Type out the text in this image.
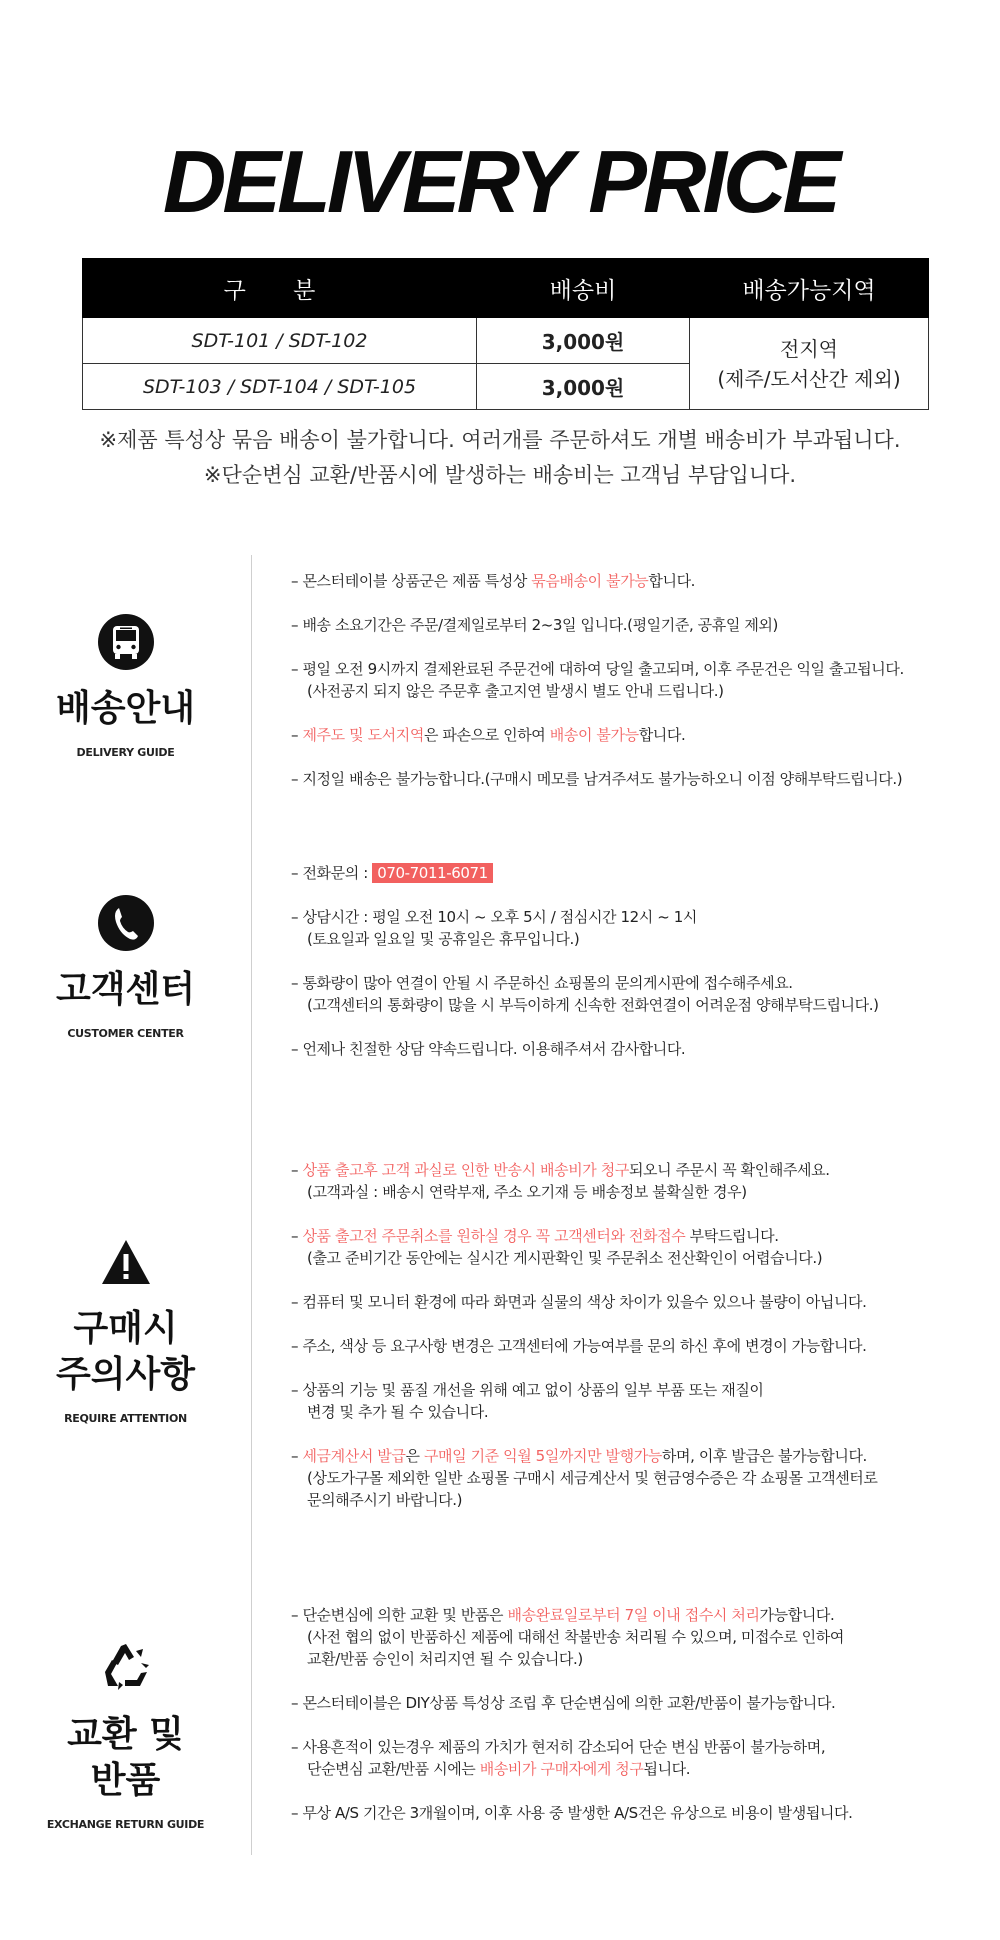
DELIVERY PRICE
구 분	배송비	배송가능지역
SDT-101 / SDT-102	3,000원	전지역
(제주/도서산간 제외)
SDT-103 / SDT-104 / SDT-105	3,000원	
※제품 특성상 묶음 배송이 불가합니다. 여러개를 주문하셔도 개별 배송비가 부과됩니다.
※단순변심 교환/반품시에 발생하는 배송비는 고객님 부담입니다.
배송안내
DELIVERY GUIDE
– 몬스터테이블 상품군은 제품 특성상 묶음배송이 불가능합니다.
– 배송 소요기간은 주문/결제일로부터 2~3일 입니다.(평일기준, 공휴일 제외)
– 평일 오전 9시까지 결제완료된 주문건에 대하여 당일 출고되며, 이후 주문건은 익일 출고됩니다.
(사전공지 되지 않은 주문후 출고지연 발생시 별도 안내 드립니다.)
– 제주도 및 도서지역은 파손으로 인하여 배송이 불가능합니다.
– 지정일 배송은 불가능합니다.(구매시 메모를 남겨주셔도 불가능하오니 이점 양해부탁드립니다.)
고객센터
CUSTOMER CENTER
– 전화문의 : 070-7011-6071
– 상담시간 : 평일 오전 10시 ~ 오후 5시 / 점심시간 12시 ~ 1시
(토요일과 일요일 및 공휴일은 휴무입니다.)
– 통화량이 많아 연결이 안될 시 주문하신 쇼핑몰의 문의게시판에 접수해주세요.
(고객센터의 통화량이 많을 시 부득이하게 신속한 전화연결이 어려운점 양해부탁드립니다.)
– 언제나 친절한 상담 약속드립니다. 이용해주셔서 감사합니다.
구매시
주의사항
REQUIRE ATTENTION
– 상품 출고후 고객 과실로 인한 반송시 배송비가 청구되오니 주문시 꼭 확인해주세요.
(고객과실 : 배송시 연락부재, 주소 오기재 등 배송정보 불확실한 경우)
– 상품 출고전 주문취소를 원하실 경우 꼭 고객센터와 전화접수 부탁드립니다.
(출고 준비기간 동안에는 실시간 게시판확인 및 주문취소 전산확인이 어렵습니다.)
– 컴퓨터 및 모니터 환경에 따라 화면과 실물의 색상 차이가 있을수 있으나 불량이 아닙니다.
– 주소, 색상 등 요구사항 변경은 고객센터에 가능여부를 문의 하신 후에 변경이 가능합니다.
– 상품의 기능 및 품질 개선을 위해 예고 없이 상품의 일부 부품 또는 재질이
변경 및 추가 될 수 있습니다.
– 세금계산서 발급은 구매일 기준 익월 5일까지만 발행가능하며, 이후 발급은 불가능합니다.
(상도가구몰 제외한 일반 쇼핑몰 구매시 세금계산서 및 현금영수증은 각 쇼핑몰 고객센터로
문의해주시기 바랍니다.)
교환 및
반품
EXCHANGE RETURN GUIDE
– 단순변심에 의한 교환 및 반품은 배송완료일로부터 7일 이내 접수시 처리가능합니다.
(사전 협의 없이 반품하신 제품에 대해선 착불반송 처리될 수 있으며, 미접수로 인하여
교환/반품 승인이 처리지연 될 수 있습니다.)
– 몬스터테이블은 DIY상품 특성상 조립 후 단순변심에 의한 교환/반품이 불가능합니다.
– 사용흔적이 있는경우 제품의 가치가 현저히 감소되어 단순 변심 반품이 불가능하며,
단순변심 교환/반품 시에는 배송비가 구매자에게 청구됩니다.
– 무상 A/S 기간은 3개월이며, 이후 사용 중 발생한 A/S건은 유상으로 비용이 발생됩니다.
